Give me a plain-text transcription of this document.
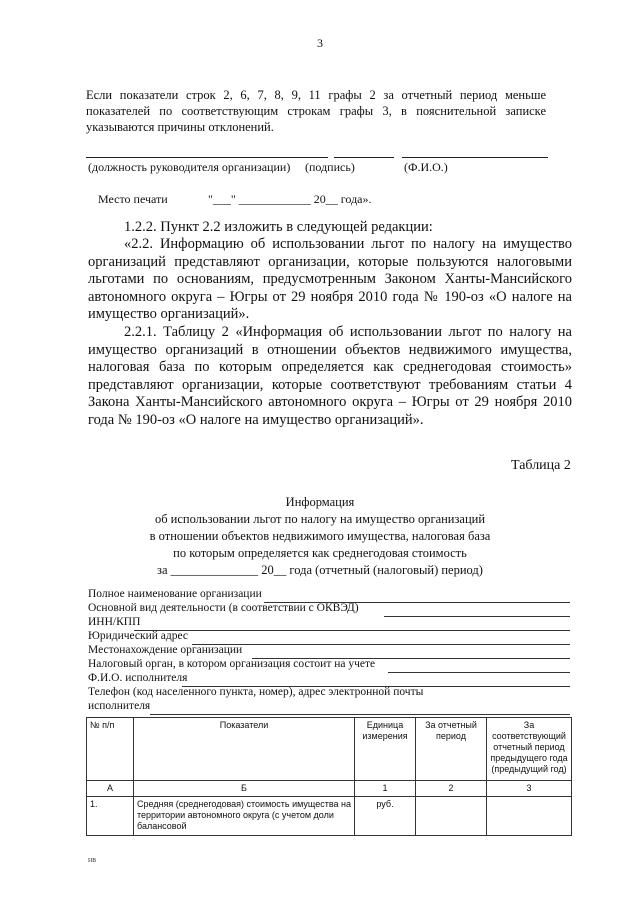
3
Если показатели строк 2, 6, 7, 8, 9, 11 графы 2 за отчетный период меньше показателей по соответствующим строкам графы 3, в пояснительной записке указываются причины отклонений.
(должность руководителя организации) (подпись)	(Ф.И.О.)
Место печати	"___" ____________ 20__ года».
1.2.2. Пункт 2.2 изложить в следующей редакции:
«2.2. Информацию об использовании льгот по налогу на имущество организаций представляют организации, которые пользуются налоговыми льготами по основаниям, предусмотренным Законом Ханты-Мансийского автономного округа – Югры от 29 ноября 2010 года № 190-оз «О налоге на имущество организаций».
2.2.1. Таблицу 2 «Информация об использовании льгот по налогу на имущество организаций в отношении объектов недвижимого имущества, налоговая база по которым определяется как среднегодовая стоимость» представляют организации, которые соответствуют требованиям статьи 4 Закона Ханты-Мансийского автономного округа – Югры от 29 ноября 2010 года № 190-оз «О налоге на имущество организаций».
Таблица 2
Информация
об использовании льгот по налогу на имущество организаций
в отношении объектов недвижимого имущества, налоговая база
по которым определяется как среднегодовая стоимость
за ______________ 20__ года (отчетный (налоговый) период)
Полное наименование организации
Основной вид деятельности (в соответствии с ОКВЭД)
ИНН/КПП
Юридический адрес
Местонахождение организации
Налоговый орган, в котором организация состоит на учете
Ф.И.О. исполнителя
Телефон (код населенного пункта, номер), адрес электронной почты
исполнителя
№ п/п	Показатели	Единица измерения	За отчетный период	За соответствующий отчетный период предыдущего года (предыдущий год)
А	Б	1	2	3
1.	Средняя (среднегодовая) стоимость имущества на территории автономного округа (с учетом доли балансовой	руб.		
нв
